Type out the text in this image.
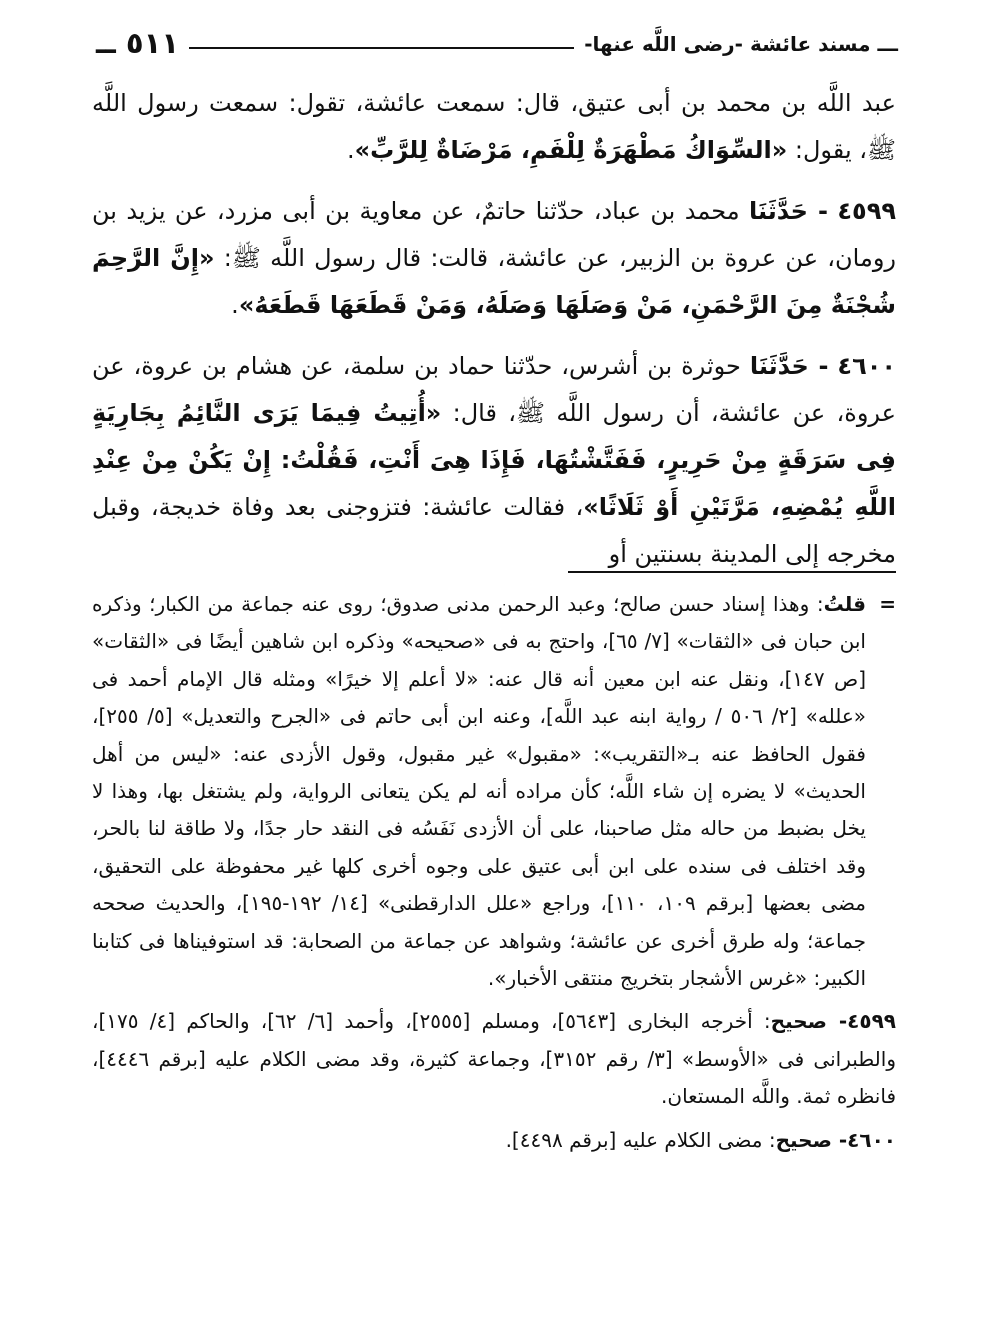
ـــ مسند عائشة -رضى اللَّه عنها-
٥١١ ــ

عبد اللَّه بن محمد بن أبى عتيق، قال: سمعت عائشة، تقول: سمعت رسول اللَّه ﷺ، يقول: «السِّوَاكُ مَطْهَرَةٌ لِلْفَمِ، مَرْضَاةٌ لِلرَّبِّ».

٤٥٩٩ - حَدَّثَنَا محمد بن عباد، حدّثنا حاتمٌ، عن معاوية بن أبى مزرد، عن يزيد بن رومان، عن عروة بن الزبير، عن عائشة، قالت: قال رسول اللَّه ﷺ: «إِنَّ الرَّحِمَ شُجْنَةٌ مِنَ الرَّحْمَنِ، مَنْ وَصَلَهَا وَصَلَهُ، وَمَنْ قَطَعَهَا قَطَعَهُ».

٤٦٠٠ - حَدَّثَنَا حوثرة بن أشرس، حدّثنا حماد بن سلمة، عن هشام بن عروة، عن عروة، عن عائشة، أن رسول اللَّه ﷺ، قال: «أُتِيتُ فِيمَا يَرَى النَّائِمُ بِجَارِيَةٍ فِى سَرَقَةٍ مِنْ حَرِيرٍ، فَفَتَّشْتُهَا، فَإِذَا هِىَ أَنْتِ، فَقُلْتُ: إِنْ يَكُنْ مِنْ عِنْدِ اللَّهِ يُمْضِهِ، مَرَّتَيْنِ أَوْ ثَلَاثًا»، فقالت عائشة: فتزوجنى بعد وفاة خديجة، وقبل مخرجه إلى المدينة بسنتين أو

=
قلتُ: وهذا إسناد حسن صالح؛ وعبد الرحمن مدنى صدوق؛ روى عنه جماعة من الكبار؛ وذكره ابن حبان فى «الثقات» [٧/ ٦٥]، واحتج به فى «صحيحه» وذكره ابن شاهين أيضًا فى «الثقات» [ص ١٤٧]، ونقل عنه ابن معين أنه قال عنه: «لا أعلم إلا خيرًا» ومثله قال الإمام أحمد فى «علله» [٢/ ٥٠٦ / رواية ابنه عبد اللَّه]، وعنه ابن أبى حاتم فى «الجرح والتعديل» [٥/ ٢٥٥]، فقول الحافظ عنه بـ«التقريب»: «مقبول» غير مقبول، وقول الأزدى عنه: «ليس من أهل الحديث» لا يضره إن شاء اللَّه؛ كأن مراده أنه لم يكن يتعانى الرواية، ولم يشتغل بها، وهذا لا يخل بضبط من حاله مثل صاحبنا، على أن الأزدى نَفَسُه فى النقد حار جدًا، ولا طاقة لنا بالحر، وقد اختلف فى سنده على ابن أبى عتيق على وجوه أخرى كلها غير محفوظة على التحقيق، مضى بعضها [برقم ١٠٩، ١١٠]، وراجع «علل الدارقطنى» [١٤/ ١٩٢-١٩٥]، والحديث صححه جماعة؛ وله طرق أخرى عن عائشة؛ وشواهد عن جماعة من الصحابة: قد استوفيناها فى كتابنا الكبير: «غرس الأشجار بتخريج منتقى الأخبار».

٤٥٩٩- صحيح: أخرجه البخارى [٥٦٤٣]، ومسلم [٢٥٥٥]، وأحمد [٦/ ٦٢]، والحاكم [٤/ ١٧٥]، والطبرانى فى «الأوسط» [٣/ رقم ٣١٥٢]، وجماعة كثيرة، وقد مضى الكلام عليه [برقم ٤٤٤٦]، فانظره ثمة. واللَّه المستعان.

٤٦٠٠- صحيح: مضى الكلام عليه [برقم ٤٤٩٨].
